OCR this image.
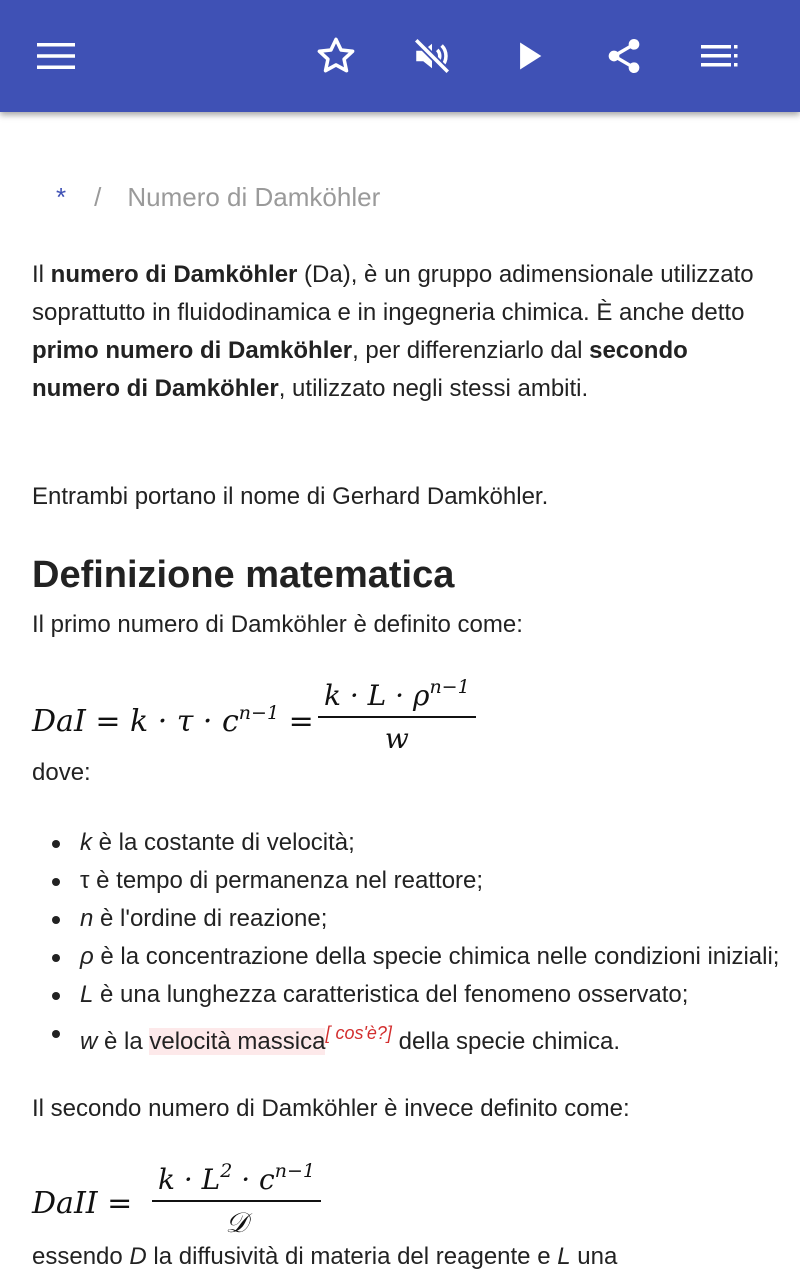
* / Numero di Damköhler

Il numero di Damköhler (Da), è un gruppo adimensionale utilizzato soprattutto in fluidodinamica e in ingegneria chimica. È anche detto primo numero di Damköhler, per differenziarlo dal secondo numero di Damköhler, utilizzato negli stessi ambiti.

Entrambi portano il nome di Gerhard Damköhler.

Definizione matematica

Il primo numero di Damköhler è definito come:

DaI = $k \cdot \tau \cdot c^{n-1}$ =
$k \cdot L \cdot \rho^{n-1}$
w

dove:

k è la costante di velocità;
τ è tempo di permanenza nel reattore;
n è l'ordine di reazione;
ρ è la concentrazione della specie chimica nelle condizioni iniziali;
L è una lunghezza caratteristica del fenomeno osservato;
w è la velocità massica[ cos'è?] della specie chimica.

Il secondo numero di Damköhler è invece definito come:

DaII =
$k \cdot L^2 \cdot c^{n-1}$
𝒟

essendo D la diffusività di materia del reagente e L una
